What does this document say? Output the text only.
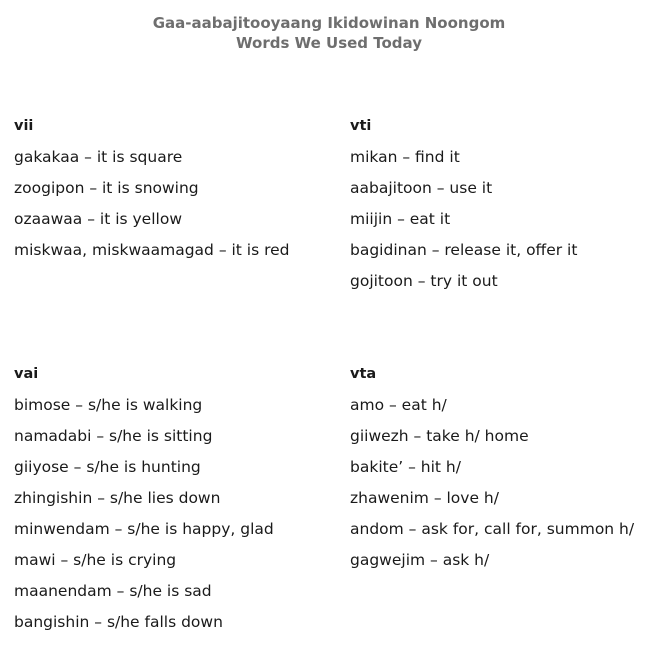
Gaa-aabajitooyaang Ikidowinan Noongom
Words We Used Today
vii
gakakaa – it is square
zoogipon – it is snowing
ozaawaa – it is yellow
miskwaa, miskwaamagad – it is red
vti
mikan – find it
aabajitoon – use it
miijin – eat it
bagidinan – release it, offer it
gojitoon – try it out
vai
bimose – s/he is walking
namadabi – s/he is sitting
giiyose – s/he is hunting
zhingishin – s/he lies down
minwendam – s/he is happy, glad
mawi – s/he is crying
maanendam – s/he is sad
bangishin – s/he falls down
vta
amo – eat h/
giiwezh – take h/ home
bakite’ – hit h/
zhawenim – love h/
andom – ask for, call for, summon h/
gagwejim – ask h/
